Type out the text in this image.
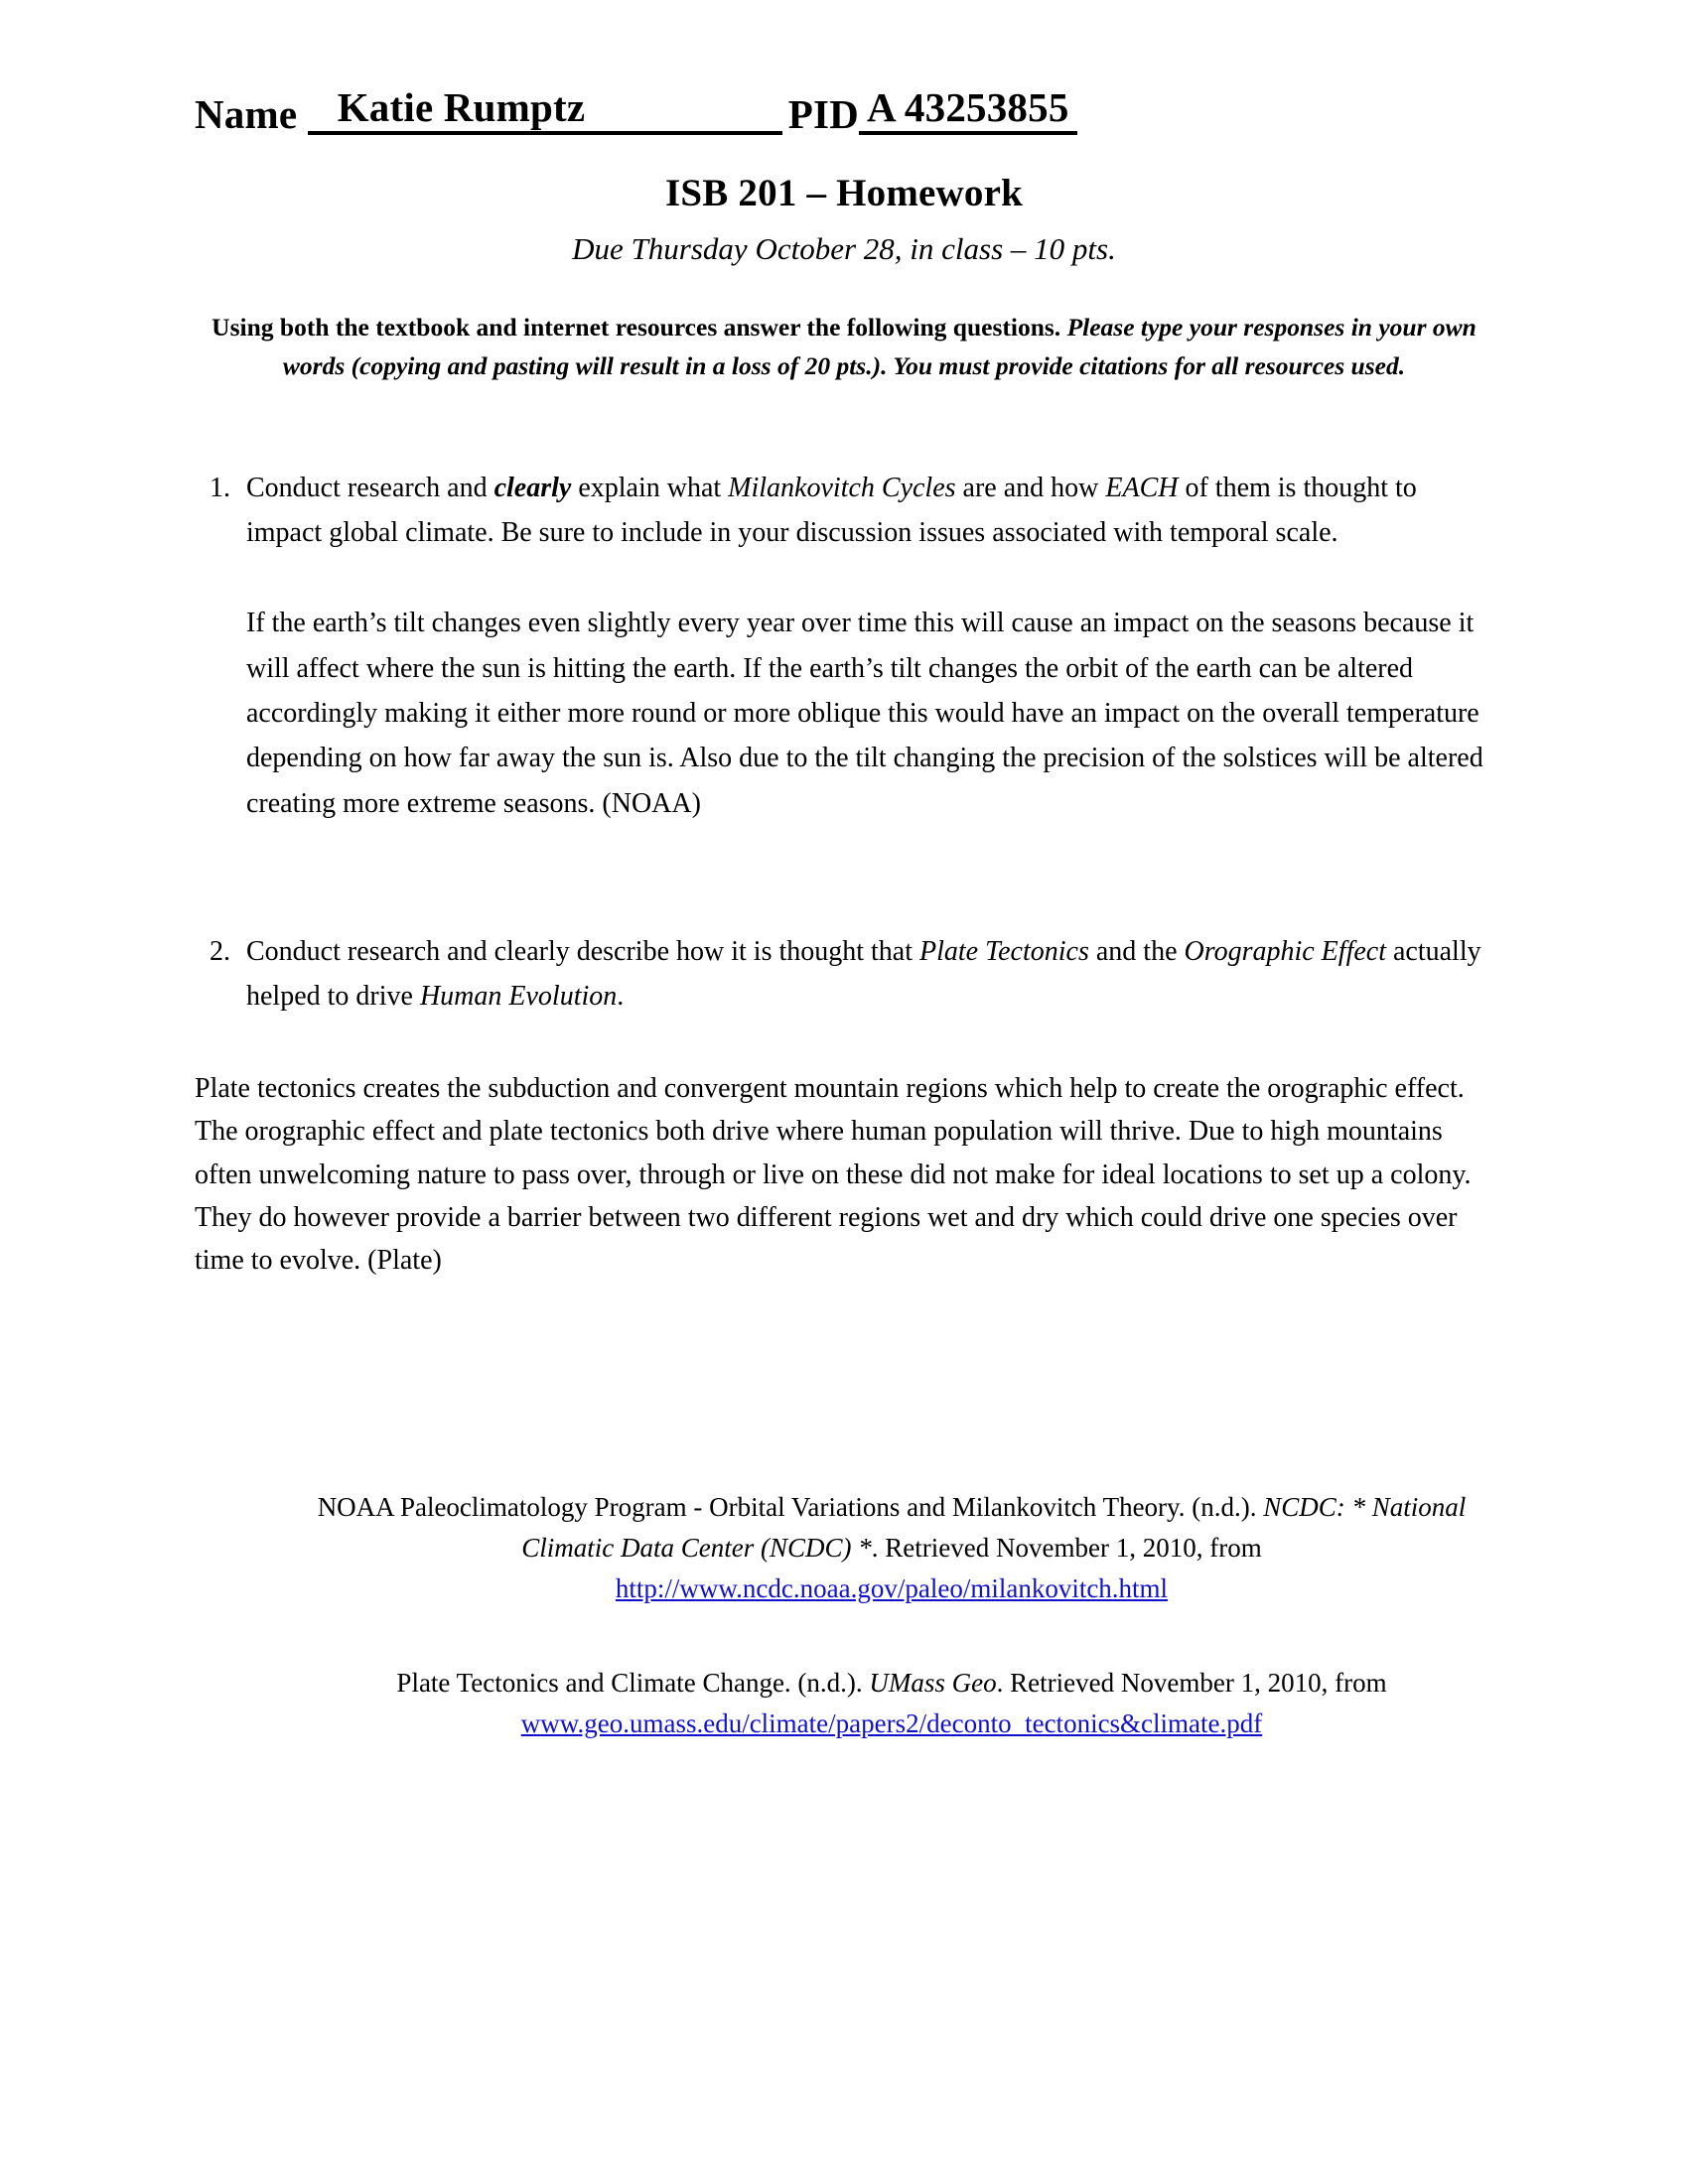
Name Katie Rumptz	PID A 43253855
ISB 201 – Homework
Due Thursday October 28, in class – 10 pts.

Using both the textbook and internet resources answer the following questions. Please type your responses in your own words (copying and pasting will result in a loss of 20 pts.). You must provide citations for all resources used.

1. Conduct research and clearly explain what Milankovitch Cycles are and how EACH of them is thought to impact global climate. Be sure to include in your discussion issues associated with temporal scale.

If the earth’s tilt changes even slightly every year over time this will cause an impact on the seasons because it will affect where the sun is hitting the earth. If the earth’s tilt changes the orbit of the earth can be altered accordingly making it either more round or more oblique this would have an impact on the overall temperature depending on how far away the sun is. Also due to the tilt changing the precision of the solstices will be altered creating more extreme seasons. (NOAA)

2. Conduct research and clearly describe how it is thought that Plate Tectonics and the Orographic Effect actually helped to drive Human Evolution.

Plate tectonics creates the subduction and convergent mountain regions which help to create the orographic effect. The orographic effect and plate tectonics both drive where human population will thrive. Due to high mountains often unwelcoming nature to pass over, through or live on these did not make for ideal locations to set up a colony. They do however provide a barrier between two different regions wet and dry which could drive one species over time to evolve. (Plate)

NOAA Paleoclimatology Program - Orbital Variations and Milankovitch Theory. (n.d.). NCDC: * National Climatic Data Center (NCDC) *. Retrieved November 1, 2010, from
http://www.ncdc.noaa.gov/paleo/milankovitch.html

Plate Tectonics and Climate Change. (n.d.). UMass Geo. Retrieved November 1, 2010, from
www.geo.umass.edu/climate/papers2/deconto_tectonics&climate.pdf
